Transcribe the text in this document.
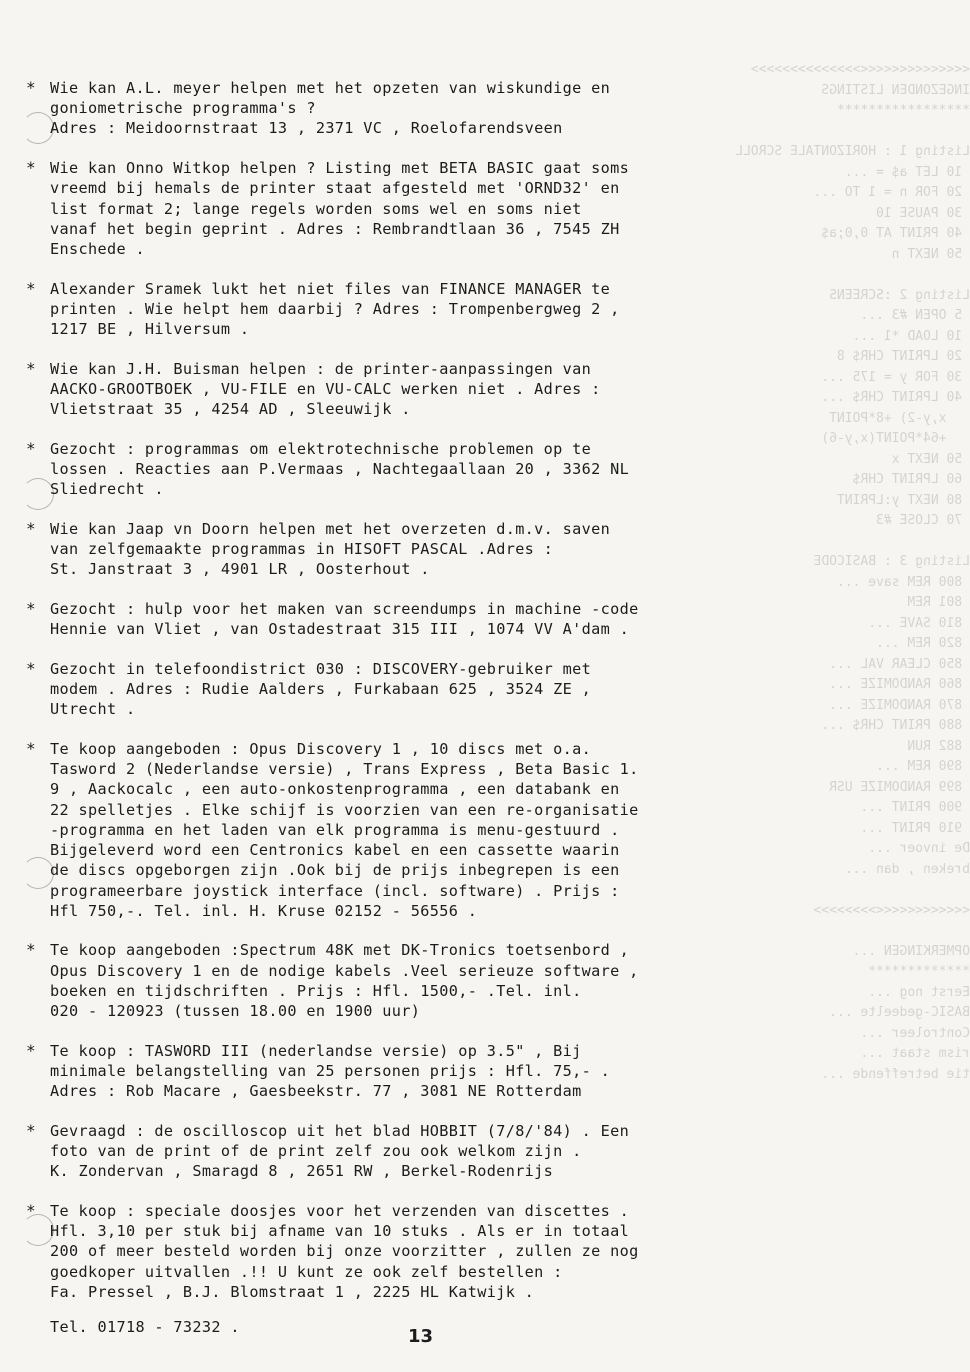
<<<<<<<<<<<<<<>>>>>>>>>>>>>>
INGEZONDEN LISTINGS
*****************

Listing 1 : HORIZONTALE SCROLL
10 LET a$ = ...
20 FOR n = 1 TO ...
30 PAUSE 10
40 PRINT AT 0,0;a$
50 NEXT n

Listing 2 :SCREENS
5 OPEN #3 ...
10 LOAD *1 ...
20 LPRINT CHR$ 8
30 FOR y = 175 ...
40 LPRINT CHR$ ...
x,y-2) +8*POINT
+64*POINT(x,y-6)
50 NEXT x
60 LPRINT CHR$
80 NEXT y:LPRINT
70 CLOSE #3

Listing 3 : BASICODE
800 REM save ...
801 REM
810 SAVE ...
820 REM ...
850 CLEAR VAL ...
860 RANDOMIZE ...
870 RANDOMIZE ...
880 PRINT CHR$ ...
882 RUN
890 REM ...
899 RANDOMIZE USR
900 PRINT ...
910 PRINT ...
De invoer ...
breken , dan ...

<<<<<<<<<<<<>>>>>>>>

OPMERKINGEN ...
*************
Eerst nog ...
BASIC-gedeelte ...
Controleer ...
rism staat ...
tie betreffende ...
* Wie kan A.L. meyer helpen met het opzeten van wiskundige en
goniometrische programma's ?
Adres : Meidoornstraat 13 , 2371 VC , Roelofarendsveen
* Wie kan Onno Witkop helpen ? Listing met BETA BASIC gaat soms
vreemd bij hemals de printer staat afgesteld met 'ORND32' en
list format 2; lange regels worden soms wel en soms niet
vanaf het begin geprint . Adres : Rembrandtlaan 36 , 7545 ZH
Enschede .
* Alexander Sramek lukt het niet files van FINANCE MANAGER te
printen . Wie helpt hem daarbij ? Adres : Trompenbergweg 2 ,
1217 BE , Hilversum .
* Wie kan J.H. Buisman helpen : de printer-aanpassingen van
AACKO-GROOTBOEK , VU-FILE en VU-CALC werken niet . Adres :
Vlietstraat 35 , 4254 AD , Sleeuwijk .
* Gezocht : programmas om elektrotechnische problemen op te
lossen . Reacties aan P.Vermaas , Nachtegaallaan 20 , 3362 NL
Sliedrecht .
* Wie kan Jaap vn Doorn helpen met het overzeten d.m.v. saven
van zelfgemaakte programmas in HISOFT PASCAL .Adres :
St. Janstraat 3 , 4901 LR , Oosterhout .
* Gezocht : hulp voor het maken van screendumps in machine -code
Hennie van Vliet , van Ostadestraat 315 III , 1074 VV A'dam .
* Gezocht in telefoondistrict 030 : DISCOVERY-gebruiker met
modem . Adres : Rudie Aalders , Furkabaan 625 , 3524 ZE ,
Utrecht .
* Te koop aangeboden : Opus Discovery 1 , 10 discs met o.a.
Tasword 2 (Nederlandse versie) , Trans Express , Beta Basic 1.
9 , Aackocalc , een auto-onkostenprogramma , een databank en
22 spelletjes . Elke schijf is voorzien van een re-organisatie
-programma en het laden van elk programma is menu-gestuurd .
Bijgeleverd word een Centronics kabel en een cassette waarin
de discs opgeborgen zijn .Ook bij de prijs inbegrepen is een
programeerbare joystick interface (incl. software) . Prijs :
Hfl 750,-. Tel. inl. H. Kruse 02152 - 56556 .
* Te koop aangeboden :Spectrum 48K met DK-Tronics toetsenbord ,
Opus Discovery 1 en de nodige kabels .Veel serieuze software ,
boeken en tijdschriften . Prijs : Hfl. 1500,- .Tel. inl.
020 - 120923 (tussen 18.00 en 1900 uur)
* Te koop : TASWORD III (nederlandse versie) op 3.5" , Bij
minimale belangstelling van 25 personen prijs : Hfl. 75,- .
Adres : Rob Macare , Gaesbeekstr. 77 , 3081 NE Rotterdam
* Gevraagd : de oscilloscop uit het blad HOBBIT (7/8/'84) . Een
foto van de print of de print zelf zou ook welkom zijn .
K. Zondervan , Smaragd 8 , 2651 RW , Berkel-Rodenrijs
* Te koop : speciale doosjes voor het verzenden van discettes .
Hfl. 3,10 per stuk bij afname van 10 stuks . Als er in totaal
200 of meer besteld worden bij onze voorzitter , zullen ze nog
goedkoper uitvallen .!! U kunt ze ook zelf bestellen :
Fa. Pressel , B.J. Blomstraat 1 , 2225 HL Katwijk .
Tel. 01718 - 73232 .	13
